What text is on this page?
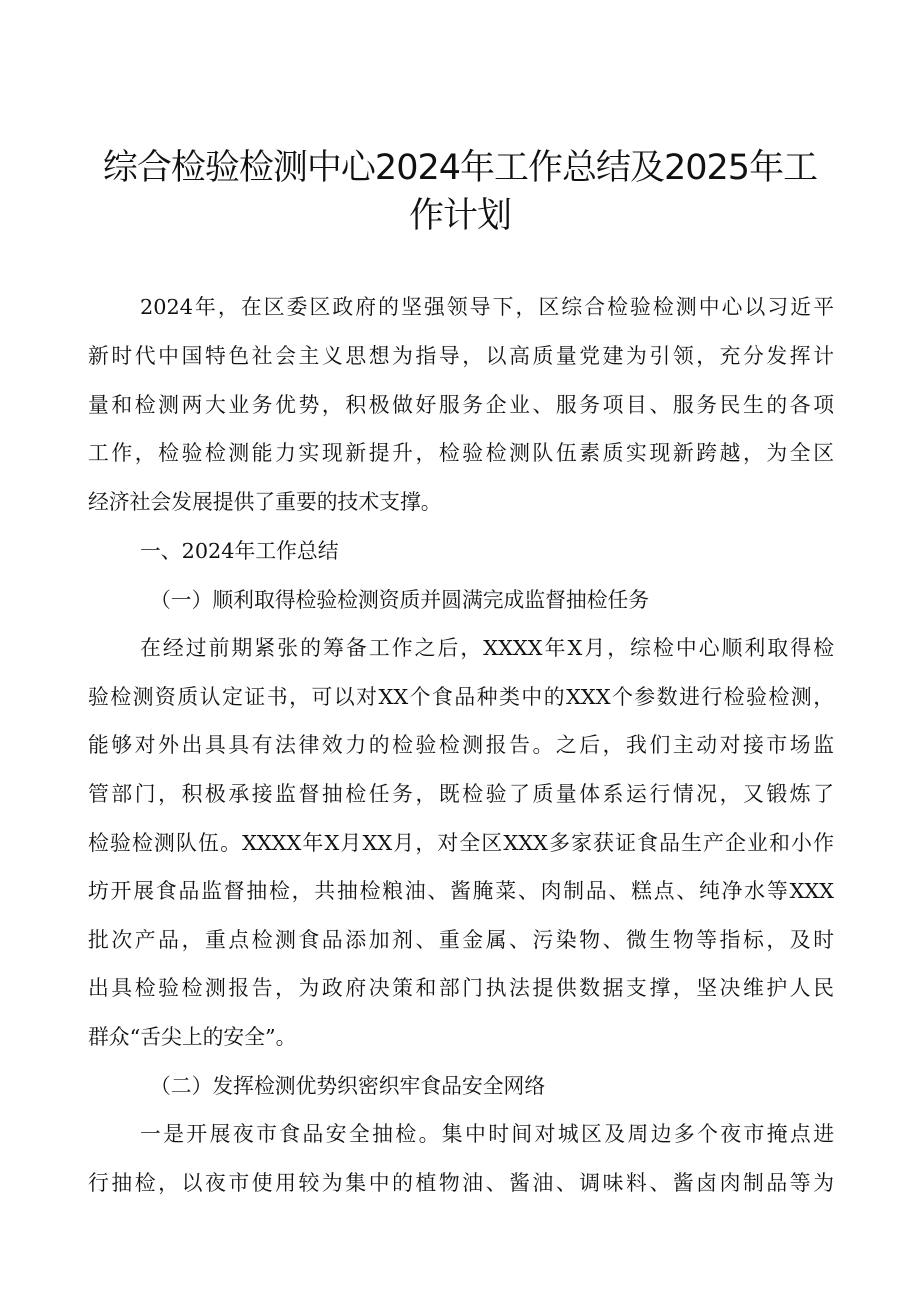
综合检验检测中心2024年工作总结及2025年工
作计划
2024年，在区委区政府的坚强领导下，区综合检验检测中心以习近平
新时代中国特色社会主义思想为指导，以高质量党建为引领，充分发挥计
量和检测两大业务优势，积极做好服务企业、服务项目、服务民生的各项
工作，检验检测能力实现新提升，检验检测队伍素质实现新跨越，为全区
经济社会发展提供了重要的技术支撑。
一、2024年工作总结
（一）顺利取得检验检测资质并圆满完成监督抽检任务
在经过前期紧张的筹备工作之后，XXXX年X月，综检中心顺利取得检
验检测资质认定证书，可以对XX个食品种类中的XXX个参数进行检验检测，
能够对外出具具有法律效力的检验检测报告。之后，我们主动对接市场监
管部门，积极承接监督抽检任务，既检验了质量体系运行情况，又锻炼了
检验检测队伍。XXXX年X月XX月，对全区XXX多家获证食品生产企业和小作
坊开展食品监督抽检，共抽检粮油、酱腌菜、肉制品、糕点、纯净水等XXX
批次产品，重点检测食品添加剂、重金属、污染物、微生物等指标，及时
出具检验检测报告，为政府决策和部门执法提供数据支撑，坚决维护人民
群众“舌尖上的安全”。
（二）发挥检测优势织密织牢食品安全网络
一是开展夜市食品安全抽检。集中时间对城区及周边多个夜市掩点进
行抽检，以夜市使用较为集中的植物油、酱油、调味料、酱卤肉制品等为
